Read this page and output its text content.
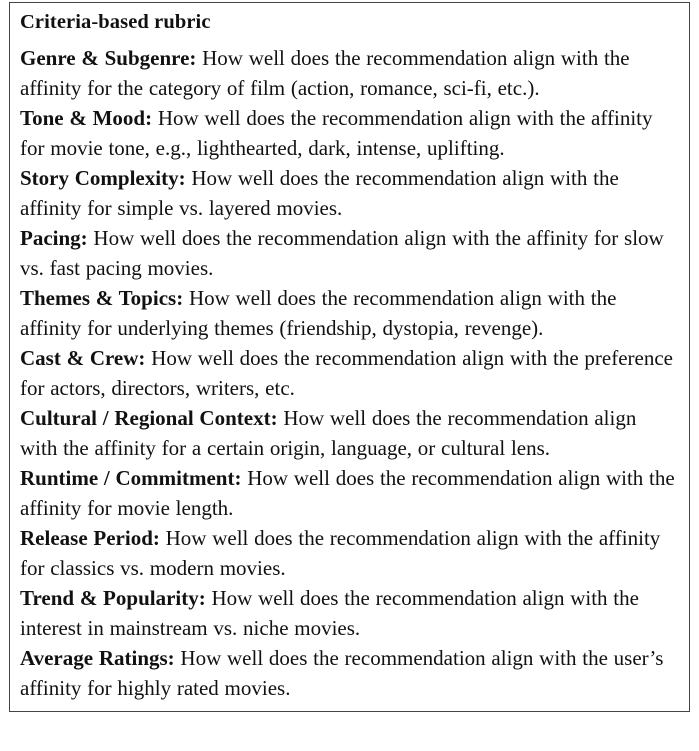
Criteria-based rubric

Genre & Subgenre: How well does the recommendation align with the affinity for the category of film (action, romance, sci-fi, etc.).

Tone & Mood: How well does the recommendation align with the affinity for movie tone, e.g., lighthearted, dark, intense, uplifting.

Story Complexity: How well does the recommendation align with the affinity for simple vs. layered movies.

Pacing: How well does the recommendation align with the affinity for slow vs. fast pacing movies.

Themes & Topics: How well does the recommendation align with the affinity for underlying themes (friendship, dystopia, revenge).

Cast & Crew: How well does the recommendation align with the preference for actors, directors, writers, etc.

Cultural / Regional Context: How well does the recommendation align with the affinity for a certain origin, language, or cultural lens.

Runtime / Commitment: How well does the recommendation align with the affinity for movie length.

Release Period: How well does the recommendation align with the affinity for classics vs. modern movies.

Trend & Popularity: How well does the recommendation align with the interest in mainstream vs. niche movies.

Average Ratings: How well does the recommendation align with the user’s affinity for highly rated movies.
